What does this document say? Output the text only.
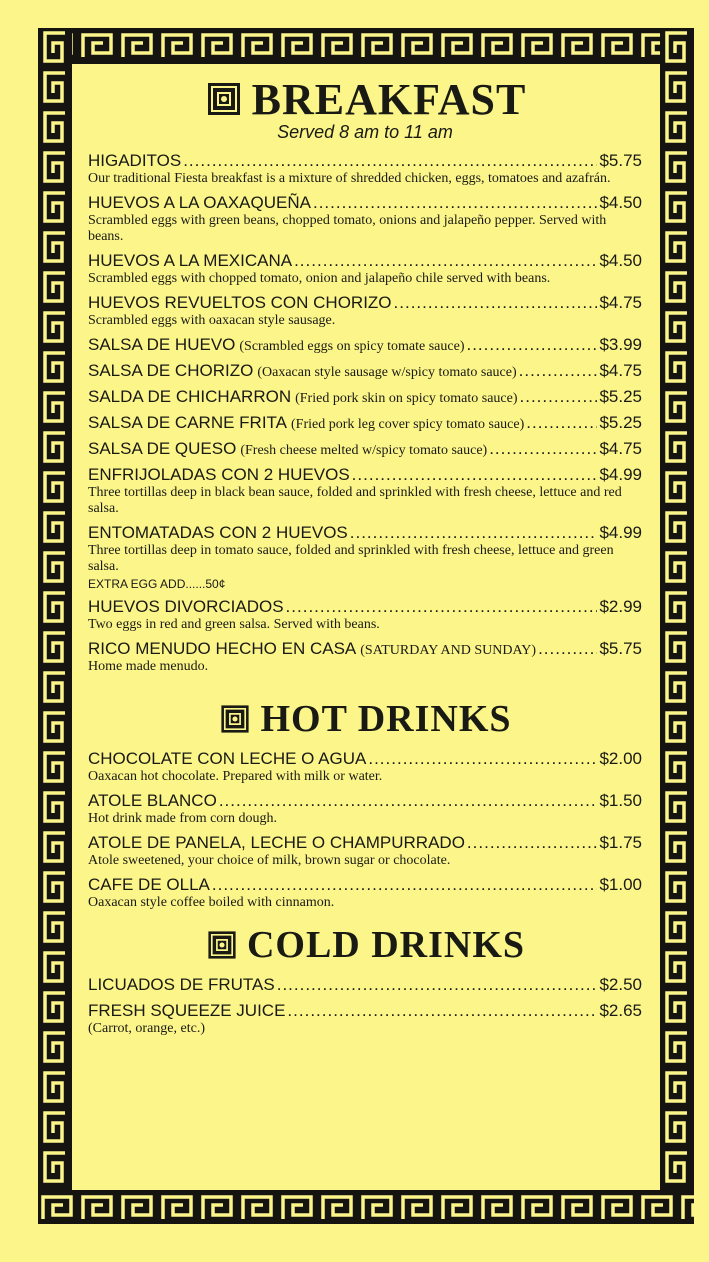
BREAKFAST
Served 8 am to 11 am
HIGADITOS .....	$5.75
Our traditional Fiesta breakfast is a mixture of shredded chicken, eggs, tomatoes and azafrán.
HUEVOS A LA OAXAQUEÑA .....	$4.50
Scrambled eggs with green beans, chopped tomato, onions and jalapeño pepper. Served with beans.
HUEVOS A LA MEXICANA .....	$4.50
Scrambled eggs with chopped tomato, onion and jalapeño chile served with beans.
HUEVOS REVUELTOS CON CHORIZO .....	$4.75
Scrambled eggs with oaxacan style sausage.
SALSA DE HUEVO (Scrambled eggs on spicy tomate sauce) .....	$3.99
SALSA DE CHORIZO (Oaxacan style sausage w/spicy tomato sauce) .....	$4.75
SALDA DE CHICHARRON (Fried pork skin on spicy tomato sauce) .....	$5.25
SALSA DE CARNE FRITA (Fried pork leg cover spicy tomato sauce) .....	$5.25
SALSA DE QUESO (Fresh cheese melted w/spicy tomato sauce) .....	$4.75
ENFRIJOLADAS CON 2 HUEVOS .....	$4.99
Three tortillas deep in black bean sauce, folded and sprinkled with fresh cheese, lettuce and red salsa.
ENTOMATADAS CON 2 HUEVOS .....	$4.99
Three tortillas deep in tomato sauce, folded and sprinkled with fresh cheese, lettuce and green salsa.
EXTRA EGG ADD......50¢
HUEVOS DIVORCIADOS .....	$2.99
Two eggs in red and green salsa. Served with beans.
RICO MENUDO HECHO EN CASA (SATURDAY AND SUNDAY) .....	$5.75
Home made menudo.
HOT DRINKS
CHOCOLATE CON LECHE O AGUA .....	$2.00
Oaxacan hot chocolate. Prepared with milk or water.
ATOLE BLANCO .....	$1.50
Hot drink made from corn dough.
ATOLE DE PANELA, LECHE O CHAMPURRADO .....	$1.75
Atole sweetened, your choice of milk, brown sugar or chocolate.
CAFE DE OLLA .....	$1.00
Oaxacan style coffee boiled with cinnamon.
COLD DRINKS
LICUADOS DE FRUTAS .....	$2.50
FRESH SQUEEZE JUICE .....	$2.65
(Carrot, orange, etc.)
